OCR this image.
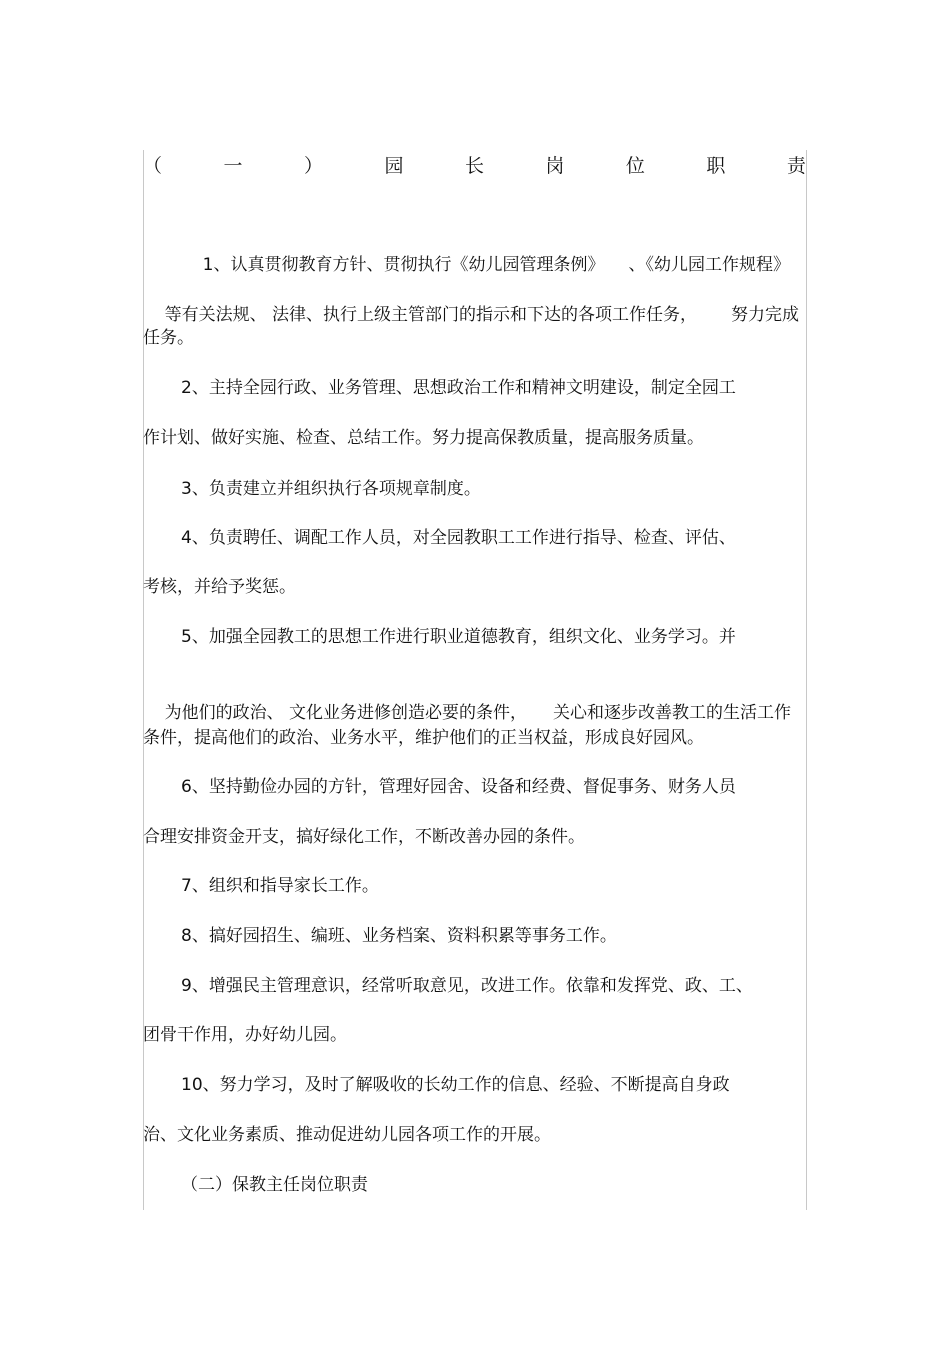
（	一	）	园	长	岗	位	职	责

1、认真贯彻教育方针、贯彻执行《幼儿园管理条例》 、《幼儿园工作规程》

等有关法规、 法律、执行上级主管部门的指示和下达的各项工作任务， 努力完成

任务。
2、主持全园行政、业务管理、思想政治工作和精神文明建设，制定全园工
作计划、做好实施、检查、总结工作。努力提高保教质量，提高服务质量。
3、负责建立并组织执行各项规章制度。
4、负责聘任、调配工作人员，对全园教职工工作进行指导、检查、评估、
考核，并给予奖惩。
5、加强全园教工的思想工作进行职业道德教育，组织文化、业务学习。并

为他们的政治、 文化业务进修创造必要的条件， 关心和逐步改善教工的生活工作

条件，提高他们的政治、业务水平，维护他们的正当权益，形成良好园风。
6、坚持勤俭办园的方针，管理好园舍、设备和经费、督促事务、财务人员
合理安排资金开支，搞好绿化工作，不断改善办园的条件。
7、组织和指导家长工作。
8、搞好园招生、编班、业务档案、资料积累等事务工作。
9、增强民主管理意识，经常听取意见，改进工作。依靠和发挥党、政、工、
团骨干作用，办好幼儿园。
10、努力学习，及时了解吸收的长幼工作的信息、经验、不断提高自身政
治、文化业务素质、推动促进幼儿园各项工作的开展。
（二）保教主任岗位职责
